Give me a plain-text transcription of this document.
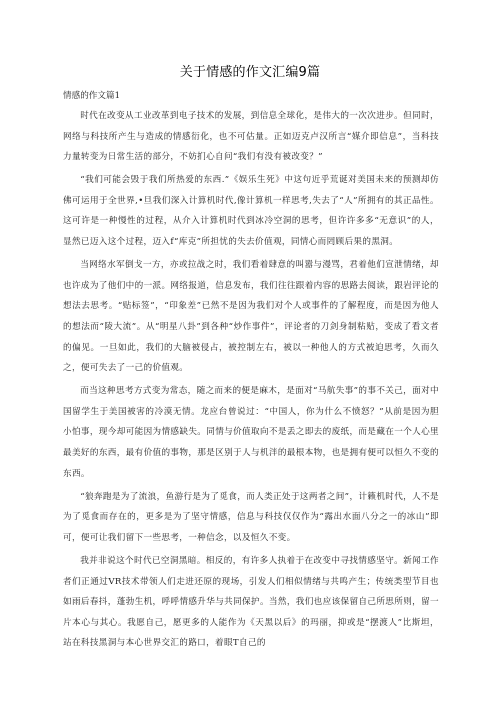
关于情感的作文汇编9篇
情感的作文篇1

时代在改变从工业改革到电子技术的发展，到信息全球化，是伟大的一次次进步。但同时，网络与科技所产生与造成的情感衍化，也不可估量。正如迈克卢汉所言“媒介即信息”，当科技力量转变为日常生活的部分，不妨扪心自问“我们有没有被改变？”

“我们可能会毁于我们所热爱的东西.”《娱乐生死》中这句近乎荒诞对美国未来的预测却仿佛可运用于全世界,•旦我们深入计算机时代,像计算机一样思考,失去了“人”所拥有的其正品性。这可许是一种慢性的过程，从介入计算机时代到冰冷空洞的思考，但许许多多“无意识”的人，显然已迈入这个过程，迈入f“库克”所担忧的失去价值观，同情心而罔顾后果的黑洞。

当网络水军倒戈一方，亦或拉战之时，我们看着肆意的叫嚣与漫骂，君着他们宣泄情绪，却也许成为了他们中的一派。网络报道，信息发布，我们往往跟着内容的思路去阅读，跟岩评论的想法去思考。“贴标签”，“印象差”已然不是因为我们对个人或事件的了解程度，而是因为他人的想法而“陵大流”。从“明星八卦”到各种“炒作事件”，评论者的刀剑身制粘贴，变成了看文者的偏见。一旦如此，我们的大脑被侵占，被控制左右，被以一种他人的方式被迫思考，久而久之，便可失去了一己的价值观。

而当这种思考方式变为常态，随之而来的便是麻木，是面对“马航失事”的事不关己，面对中国留学生于美国被害的冷漠无情。龙应台曾说过：“中国人，你为什么不愤怒？”从前是因为胆小怕事，现今却可能因为情感缺失。同情与价值取向不是丢之即去的废纸，而是藏在一个人心里最美好的东西，最有价值的事物，那是区别于人与机泮的最根本物，也是拥有便可以恒久不变的东西。

“狼奔跑是为了流浪，鱼游行是为了觅食，而人类正处于这两者之间”，计籁机时代，人不是为了觅食而存在的，更多是为了坚守情感，信息与科技仅仅作为“露出水面八分之一的冰山”即可，便可让我们留下一些思考，一种信念，以及恒久不变。

我并非说这个时代已空洞黑暗。相反的，有许多人执着于在改变中寻找情感坚守。新闻工作者们正通过VR技术带领人们走进还原的现场，引发人们相似情绪与共鸣产生；传统类型节目也如雨后春抖，蓬勃生机，呼呼情感升华与共同保护。当然，我们也应该保留自己所思所则，留一片本心与其心。我愿自己，愿更多的人能作为《天黑以后》的玛丽，抑或是“摆渡人”比斯坦，站在科技黑洞与本心世界交汇的路口，着眼T自己的
